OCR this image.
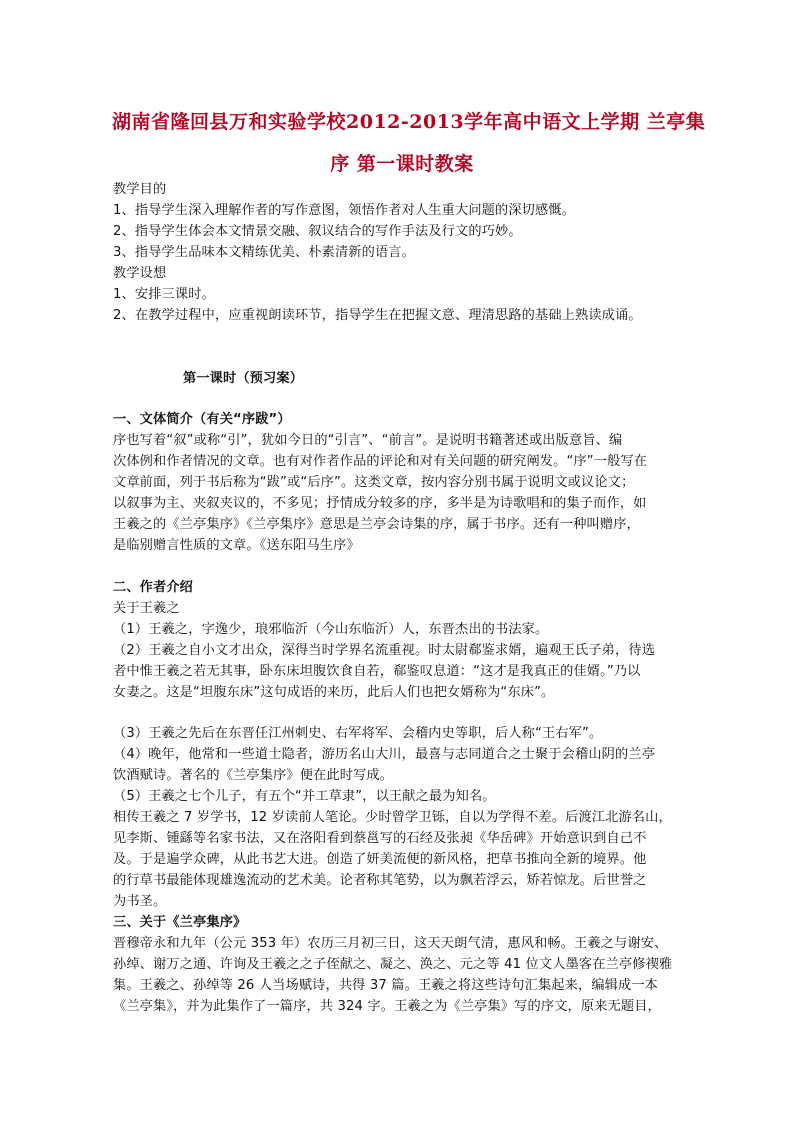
湖南省隆回县万和实验学校2012-2013学年高中语文上学期 兰亭集
序 第一课时教案
教学目的
1、指导学生深入理解作者的写作意图，领悟作者对人生重大问题的深切感慨。
2、指导学生体会本文情景交融、叙议结合的写作手法及行文的巧妙。
3、指导学生品味本文精练优美、朴素清新的语言。
教学设想
1、安排三课时。
2、在教学过程中，应重视朗读环节，指导学生在把握文意、理清思路的基础上熟读成诵。
第一课时（预习案）
一、文体简介（有关“序跋”）
序也写着“叙”或称“引”，犹如今日的“引言”、“前言”。是说明书籍著述或出版意旨、编
次体例和作者情况的文章。也有对作者作品的评论和对有关问题的研究阐发。“序”一般写在
文章前面，列于书后称为“跋”或“后序”。这类文章，按内容分别书属于说明文或议论文；
以叙事为主、夹叙夹议的，不多见；抒情成分较多的序，多半是为诗歌唱和的集子而作，如
王羲之的《兰亭集序》《兰亭集序》意思是兰亭会诗集的序，属于书序。还有一种叫赠序，
是临别赠言性质的文章。《送东阳马生序》
二、作者介绍
关于王羲之
（1）王羲之，字逸少，琅邪临沂（今山东临沂）人，东晋杰出的书法家。
（2）王羲之自小文才出众，深得当时学界名流重视。时太尉郗鉴求婿，遍观王氏子弟，待选
者中惟王羲之若无其事，卧东床坦腹饮食自若，郗鉴叹息道：“这才是我真正的佳婿。”乃以
女妻之。这是“坦腹东床”这句成语的来历，此后人们也把女婿称为“东床”。
（3）王羲之先后在东晋任江州刺史、右军将军、会稽内史等职，后人称“王右军”。
（4）晚年，他常和一些道士隐者，游历名山大川，最喜与志同道合之士聚于会稽山阴的兰亭
饮酒赋诗。著名的《兰亭集序》便在此时写成。
（5）王羲之七个儿子，有五个“并工草隶”，以王献之最为知名。
相传王羲之 7 岁学书，12 岁读前人笔论。少时曾学卫铄，自以为学得不差。后渡江北游名山，
见李斯、锺繇等名家书法，又在洛阳看到蔡邕写的石经及张昶《华岳碑》开始意识到自己不
及。于是遍学众碑，从此书艺大进。创造了妍美流便的新风格，把草书推向全新的境界。他
的行草书最能体现雄逸流动的艺术美。论者称其笔势，以为飘若浮云，矫若惊龙。后世誉之
为书圣。
三、关于《兰亭集序》
晋穆帝永和九年（公元 353 年）农历三月初三日，这天天朗气清，惠风和畅。王羲之与谢安、
孙绰、谢万之通、许询及王羲之之子侄献之、凝之、涣之、元之等 41 位文人墨客在兰亭修禊雅
集。王羲之、孙绰等 26 人当场赋诗，共得 37 篇。王羲之将这些诗句汇集起来，编辑成一本
《兰亭集》，并为此集作了一篇序，共 324 字。王羲之为《兰亭集》写的序文，原来无题目，
